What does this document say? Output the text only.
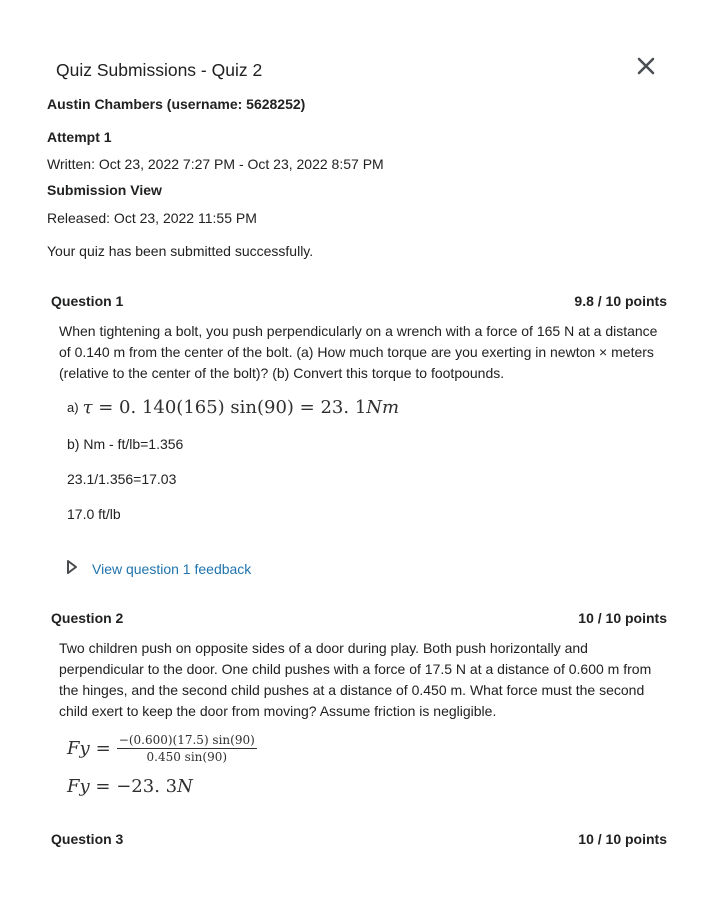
Quiz Submissions - Quiz 2
Austin Chambers (username: 5628252)
Attempt 1
Written: Oct 23, 2022 7:27 PM - Oct 23, 2022 8:57 PM
Submission View
Released: Oct 23, 2022 11:55 PM
Your quiz has been submitted successfully.
Question 1	9.8 / 10 points
When tightening a bolt, you push perpendicularly on a wrench with a force of 165 N at a distance of 0.140 m from the center of the bolt. (a) How much torque are you exerting in newton × meters (relative to the center of the bolt)? (b) Convert this torque to footpounds.
a) τ = 0. 140(165) sin(90) = 23. 1Nm
b) Nm - ft/lb=1.356
23.1/1.356=17.03
17.0 ft/lb
View question 1 feedback
Question 2	10 / 10 points
Two children push on opposite sides of a door during play. Both push horizontally and perpendicular to the door. One child pushes with a force of 17.5 N at a distance of 0.600 m from the hinges, and the second child pushes at a distance of 0.450 m. What force must the second child exert to keep the door from moving? Assume friction is negligible.
$Fy = \frac{-(0.600)(17.5) \sin(90)}{0.450 \sin(90)}$
Fy = −23. 3N
Question 3	10 / 10 points
